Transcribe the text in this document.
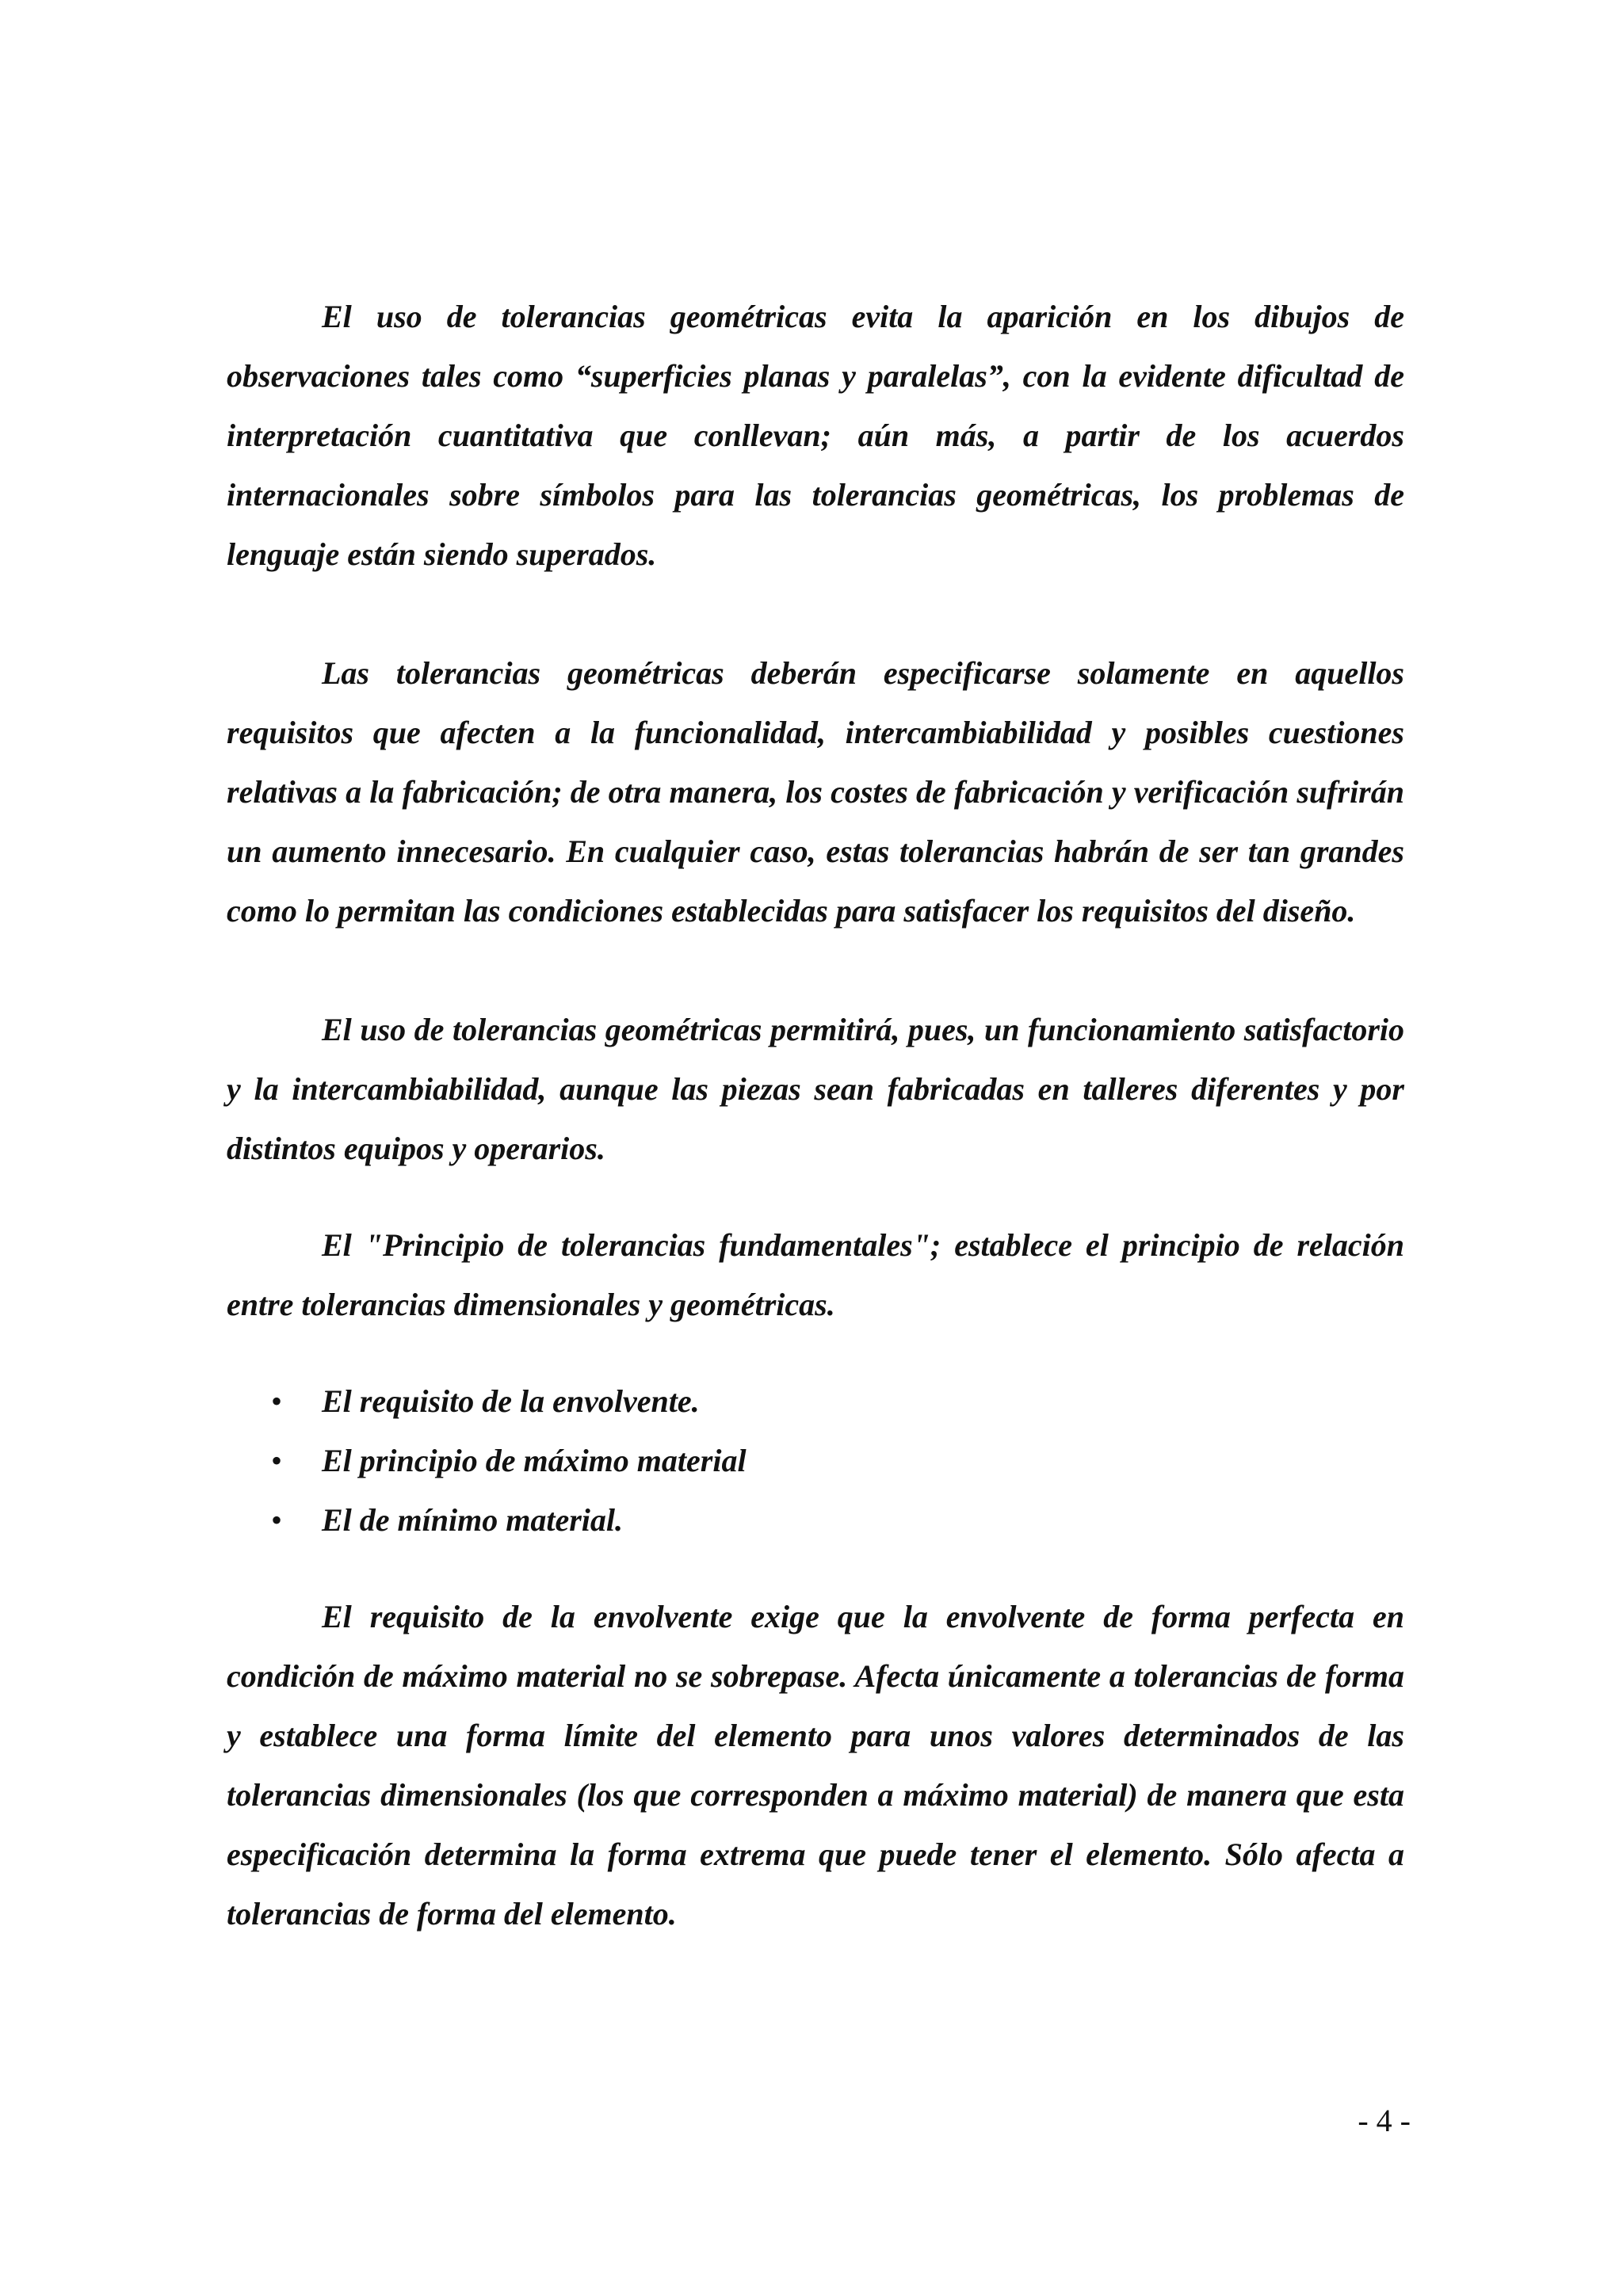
El uso de tolerancias geométricas evita la aparición en los dibujos de observaciones tales como “superficies planas y paralelas”, con la evidente dificultad de interpretación cuantitativa que conllevan; aún más, a partir de los acuerdos internacionales sobre símbolos para las tolerancias geométricas, los problemas de lenguaje están siendo superados.

Las tolerancias geométricas deberán especificarse solamente en aquellos requisitos que afecten a la funcionalidad, intercambiabilidad y posibles cuestiones relativas a la fabricación; de otra manera, los costes de fabricación y verificación sufrirán un aumento innecesario. En cualquier caso, estas tolerancias habrán de ser tan grandes como lo permitan las condiciones establecidas para satisfacer los requisitos del diseño.

El uso de tolerancias geométricas permitirá, pues, un funcionamiento satisfactorio y la intercambiabilidad, aunque las piezas sean fabricadas en talleres diferentes y por distintos equipos y operarios.

El "Principio de tolerancias fundamentales"; establece el principio de relación entre tolerancias dimensionales y geométricas.

• El requisito de la envolvente.
• El principio de máximo material
• El de mínimo material.

El requisito de la envolvente exige que la envolvente de forma perfecta en condición de máximo material no se sobrepase. Afecta únicamente a tolerancias de forma y establece una forma límite del elemento para unos valores determinados de las tolerancias dimensionales (los que corresponden a máximo material) de manera que esta especificación determina la forma extrema que puede tener el elemento. Sólo afecta a tolerancias de forma del elemento.

- 4 -
